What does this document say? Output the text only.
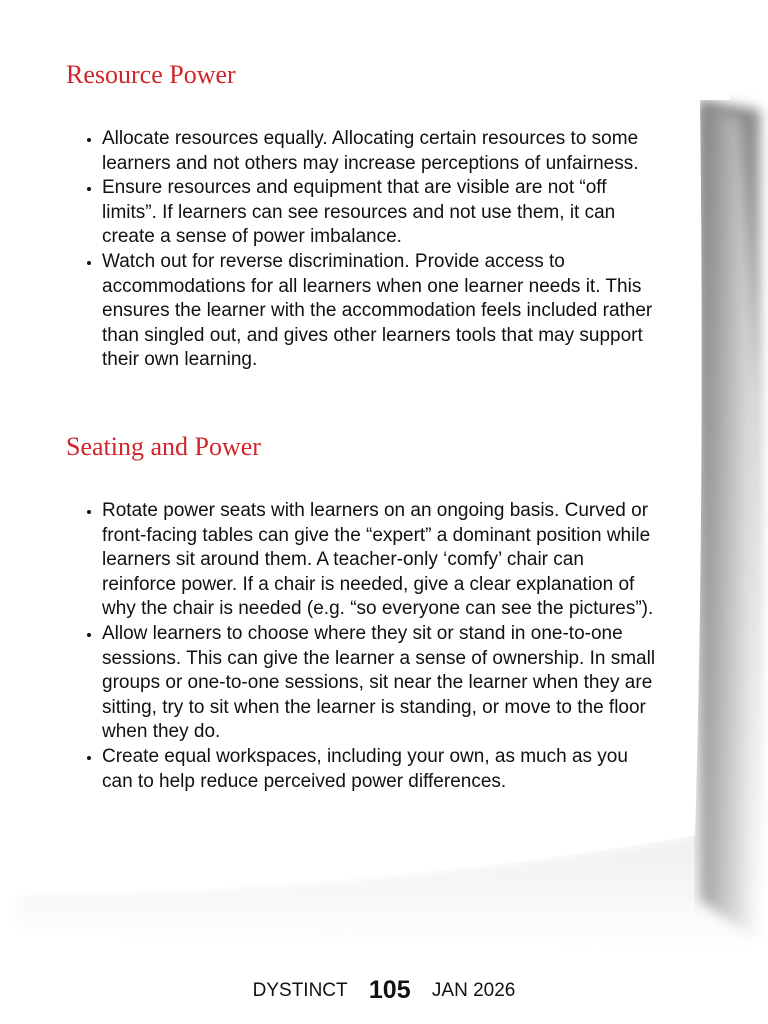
Resource Power
• Allocate resources equally. Allocating certain resources to some learners and not others may increase perceptions of unfairness.
• Ensure resources and equipment that are visible are not “off limits”. If learners can see resources and not use them, it can create a sense of power imbalance.
• Watch out for reverse discrimination. Provide access to accommodations for all learners when one learner needs it. This ensures the learner with the accommodation feels included rather than singled out, and gives other learners tools that may support their own learning.
Seating and Power
• Rotate power seats with learners on an ongoing basis. Curved or front-facing tables can give the “expert” a dominant position while learners sit around them. A teacher-only ‘comfy’ chair can reinforce power. If a chair is needed, give a clear explanation of why the chair is needed (e.g. “so everyone can see the pictures”).
• Allow learners to choose where they sit or stand in one-to-one sessions. This can give the learner a sense of ownership. In small groups or one-to-one sessions, sit near the learner when they are sitting, try to sit when the learner is standing, or move to the floor when they do.
• Create equal workspaces, including your own, as much as you can to help reduce perceived power differences.
DYSTINCT 105 JAN 2026
